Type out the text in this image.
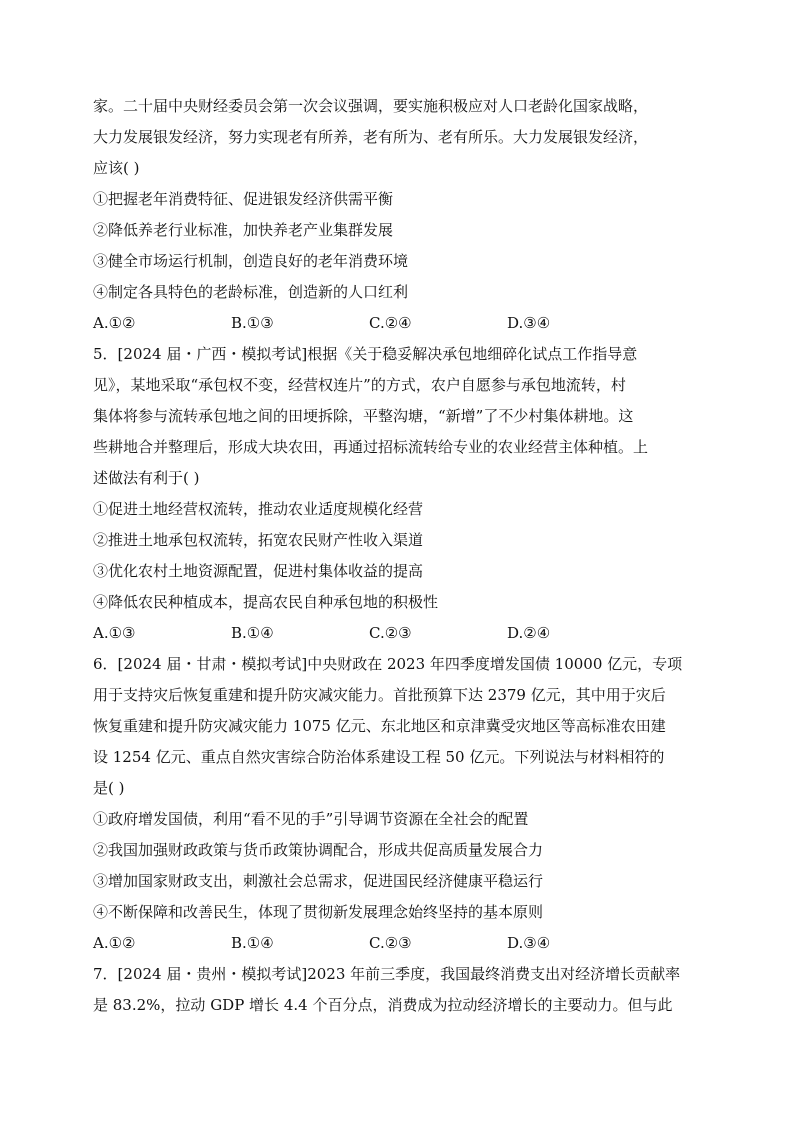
家。二十届中央财经委员会第一次会议强调，要实施积极应对人口老龄化国家战略，
大力发展银发经济，努力实现老有所养，老有所为、老有所乐。大力发展银发经济，
应该( )
①把握老年消费特征、促进银发经济供需平衡
②降低养老行业标准，加快养老产业集群发展
③健全市场运行机制，创造良好的老年消费环境
④制定各具特色的老龄标准，创造新的人口红利
A.①②	B.①③	C.②④	D.③④
5．[2024 届・广西・模拟考试]根据《关于稳妥解决承包地细碎化试点工作指导意
见》，某地采取“承包权不变，经营权连片”的方式，农户自愿参与承包地流转，村
集体将参与流转承包地之间的田埂拆除，平整沟塘，“新增”了不少村集体耕地。这
些耕地合并整理后，形成大块农田，再通过招标流转给专业的农业经营主体种植。上
述做法有利于( )
①促进土地经营权流转，推动农业适度规模化经营
②推进土地承包权流转，拓宽农民财产性收入渠道
③优化农村土地资源配置，促进村集体收益的提高
④降低农民种植成本，提高农民自种承包地的积极性
A.①③	B.①④	C.②③	D.②④
6．[2024 届・甘肃・模拟考试]中央财政在 2023 年四季度增发国债 10000 亿元，专项
用于支持灾后恢复重建和提升防灾减灾能力。首批预算下达 2379 亿元，其中用于灾后
恢复重建和提升防灾减灾能力 1075 亿元、东北地区和京津冀受灾地区等高标准农田建
设 1254 亿元、重点自然灾害综合防治体系建设工程 50 亿元。下列说法与材料相符的
是( )
①政府增发国债，利用“看不见的手”引导调节资源在全社会的配置
②我国加强财政政策与货币政策协调配合，形成共促高质量发展合力
③增加国家财政支出，刺激社会总需求，促进国民经济健康平稳运行
④不断保障和改善民生，体现了贯彻新发展理念始终坚持的基本原则
A.①②	B.①④	C.②③	D.③④
7．[2024 届・贵州・模拟考试]2023 年前三季度，我国最终消费支出对经济增长贡献率
是 83.2%，拉动 GDP 增长 4.4 个百分点，消费成为拉动经济增长的主要动力。但与此
